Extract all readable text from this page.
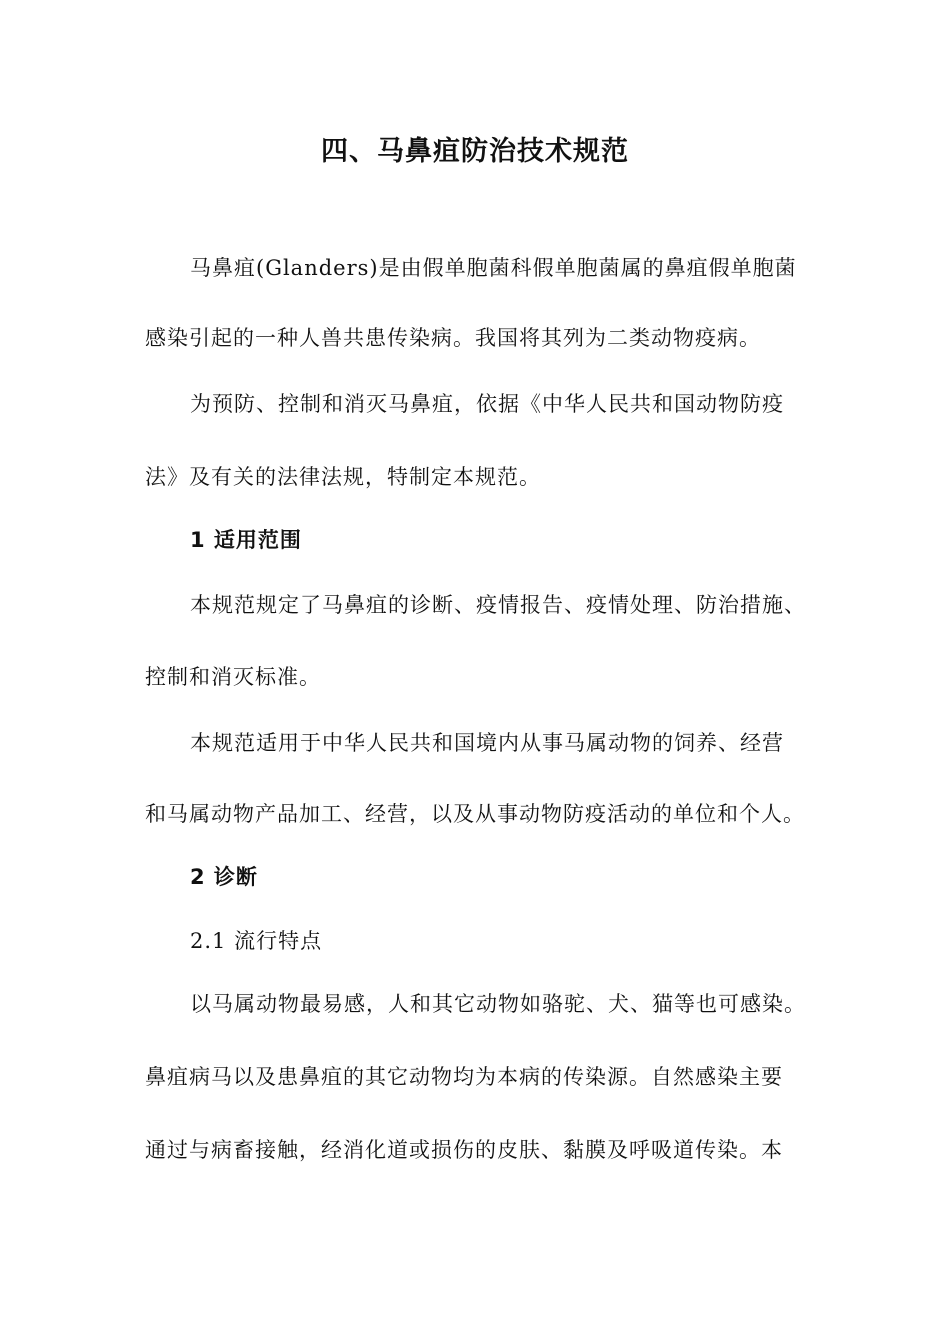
四、马鼻疽防治技术规范
马鼻疽(Glanders)是由假单胞菌科假单胞菌属的鼻疽假单胞菌
感染引起的一种人兽共患传染病。我国将其列为二类动物疫病。
为预防、控制和消灭马鼻疽，依据《中华人民共和国动物防疫
法》及有关的法律法规，特制定本规范。
1 适用范围
本规范规定了马鼻疽的诊断、疫情报告、疫情处理、防治措施、
控制和消灭标准。
本规范适用于中华人民共和国境内从事马属动物的饲养、经营
和马属动物产品加工、经营，以及从事动物防疫活动的单位和个人。
2 诊断
2.1 流行特点
以马属动物最易感，人和其它动物如骆驼、犬、猫等也可感染。
鼻疽病马以及患鼻疽的其它动物均为本病的传染源。自然感染主要
通过与病畜接触，经消化道或损伤的皮肤、黏膜及呼吸道传染。本
